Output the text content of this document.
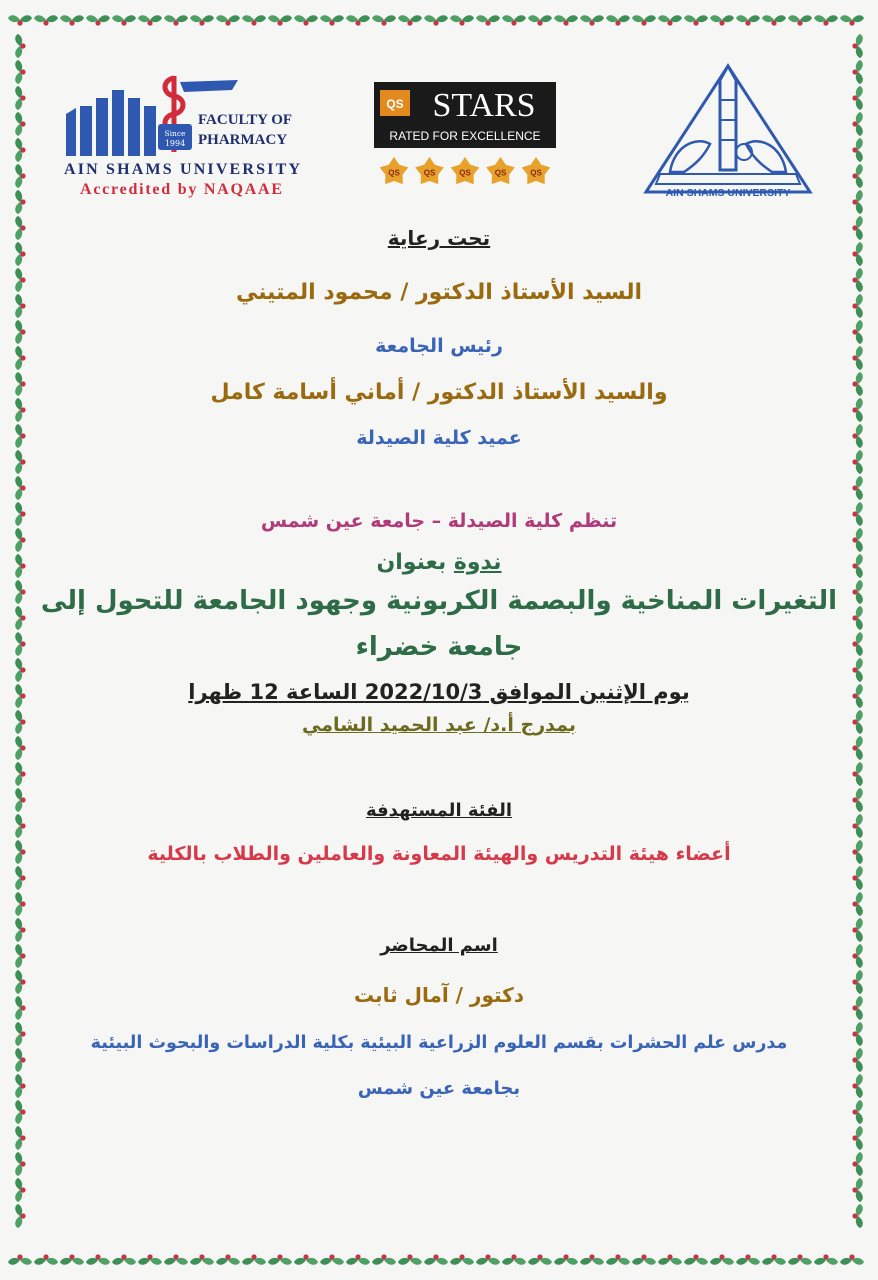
Since
1994
FACULTY OF
PHARMACY
AIN SHAMS UNIVERSITY
Accredited by NAQAAE
QS STARS
RATED FOR EXCELLENCE
QS	QS	QS	QS	QS
AIN SHAMS UNIVERSITY
تحت رعاية
السيد الأستاذ الدكتور / محمود المتيني
رئيس الجامعة
والسيد الأستاذ الدكتور / أماني أسامة كامل
عميد كلية الصيدلة
تنظم كلية الصيدلة – جامعة عين شمس
ندوة بعنوان
التغيرات المناخية والبصمة الكربونية وجهود الجامعة للتحول إلى
جامعة خضراء
يوم الإثنين الموافق 2022/10/3 الساعة 12 ظهرا
بمدرج أ.د/ عبد الحميد الشامي
الفئة المستهدفة
أعضاء هيئة التدريس والهيئة المعاونة والعاملين والطلاب بالكلية
اسم المحاضر
دكتور / آمال ثابت
مدرس علم الحشرات بقسم العلوم الزراعية البيئية بكلية الدراسات والبحوث البيئية
بجامعة عين شمس
